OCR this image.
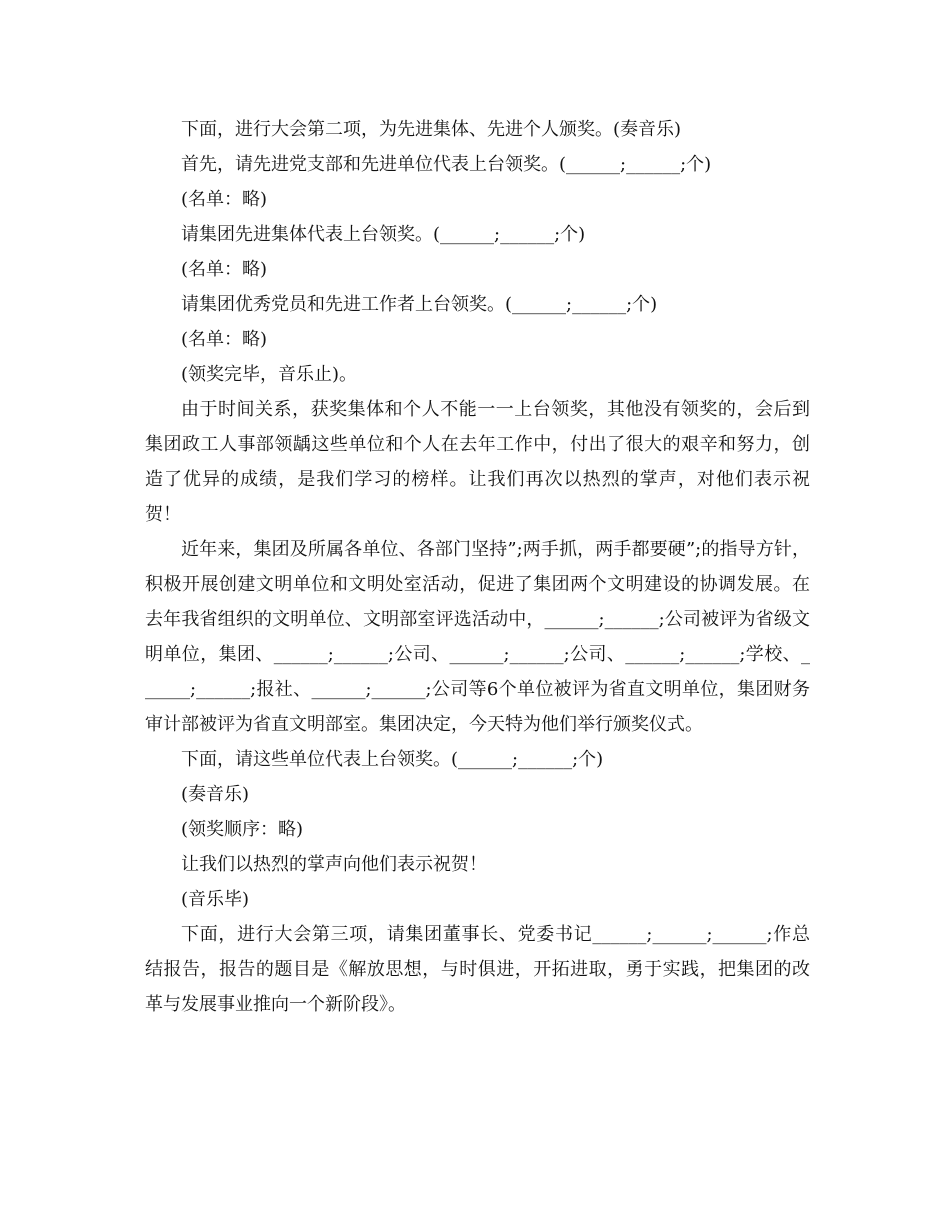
下面，进行大会第二项，为先进集体、先进个人颁奖。(奏音乐)

首先，请先进党支部和先进单位代表上台领奖。(______;______;个)

(名单：略)

请集团先进集体代表上台领奖。(______;______;个)

(名单：略)

请集团优秀党员和先进工作者上台领奖。(______;______;个)

(名单：略)

(领奖完毕，音乐止)。

由于时间关系，获奖集体和个人不能一一上台领奖，其他没有领奖的，会后到集团政工人事部领龋这些单位和个人在去年工作中，付出了很大的艰辛和努力，创造了优异的成绩，是我们学习的榜样。让我们再次以热烈的掌声，对他们表示祝贺！

近年来，集团及所属各单位、各部门坚持”;两手抓，两手都要硬”;的指导方针，积极开展创建文明单位和文明处室活动，促进了集团两个文明建设的协调发展。在去年我省组织的文明单位、文明部室评选活动中，______;______;公司被评为省级文明单位，集团、______;______;公司、______;______;公司、______;______;学校、______;______;报社、______;______;公司等6个单位被评为省直文明单位，集团财务审计部被评为省直文明部室。集团决定，今天特为他们举行颁奖仪式。

下面，请这些单位代表上台领奖。(______;______;个)

(奏音乐)

(领奖顺序：略)

让我们以热烈的掌声向他们表示祝贺！

(音乐毕)

下面，进行大会第三项，请集团董事长、党委书记______;______;______;作总结报告，报告的题目是《解放思想，与时俱进，开拓进取，勇于实践，把集团的改革与发展事业推向一个新阶段》。
